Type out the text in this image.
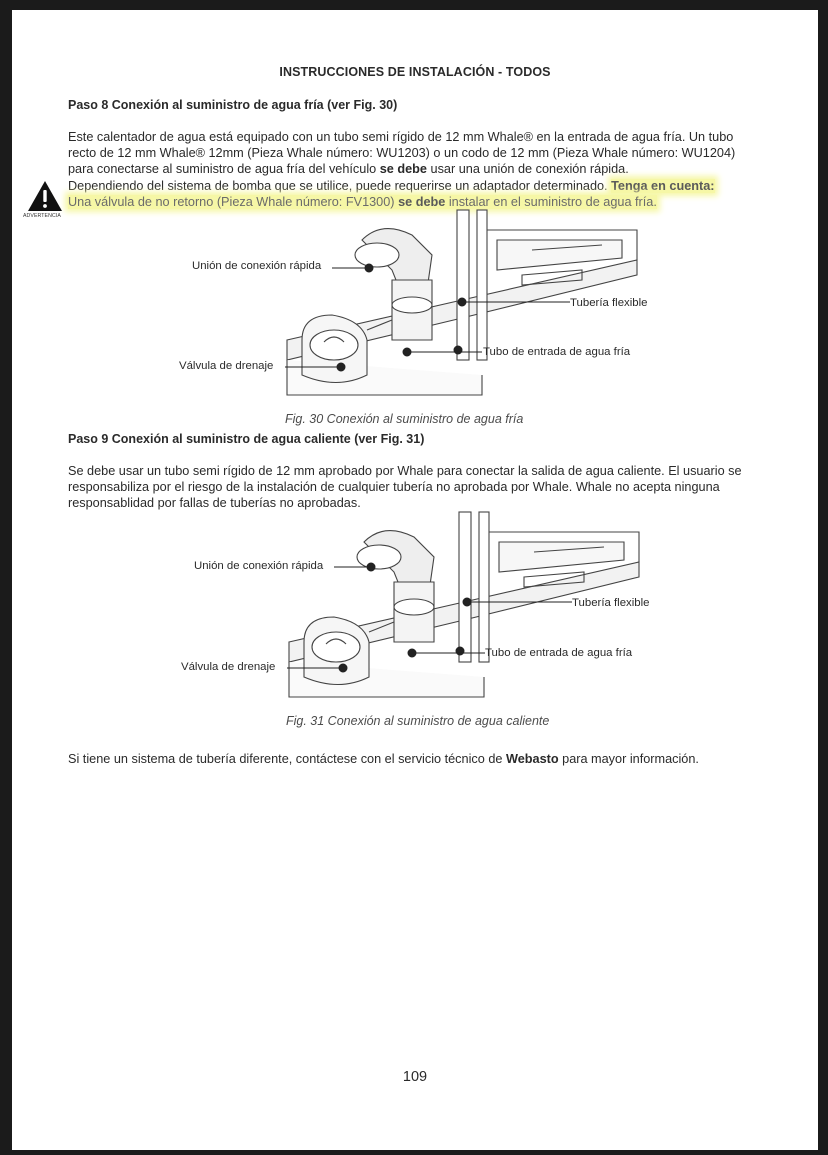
INSTRUCCIONES DE INSTALACIÓN - TODOS
Paso 8 Conexión al suministro de agua fría (ver Fig. 30)
Este calentador de agua está equipado con un tubo semi rígido de 12 mm Whale® en la entrada de agua fría. Un tubo recto de 12 mm Whale® 12mm (Pieza Whale número: WU1203) o un codo de 12 mm (Pieza Whale número: WU1204) para conectarse al suministro de agua fría del vehículo se debe usar una unión de conexión rápida.
Dependiendo del sistema de bomba que se utilice, puede requerirse un adaptador determinado. Tenga en cuenta:
Una válvula de no retorno (Pieza Whale número: FV1300) se debe instalar en el suministro de agua fría.
ADVERTENCIA
Unión de conexión rápida
Tubería flexible
Tubo de entrada de agua fría
Válvula de drenaje
Fig. 30 Conexión al suministro de agua fría
Paso 9 Conexión al suministro de agua caliente (ver Fig. 31)
Se debe usar un tubo semi rígido de 12 mm aprobado por Whale para conectar la salida de agua caliente. El usuario se responsabiliza por el riesgo de la instalación de cualquier tubería no aprobada por Whale. Whale no acepta ninguna responsablidad por fallas de tuberías no aprobadas.
Unión de conexión rápida
Tubería flexible
Tubo de entrada de agua fría
Válvula de drenaje
Fig. 31 Conexión al suministro de agua caliente
Si tiene un sistema de tubería diferente, contáctese con el servicio técnico de Webasto para mayor información.
109
